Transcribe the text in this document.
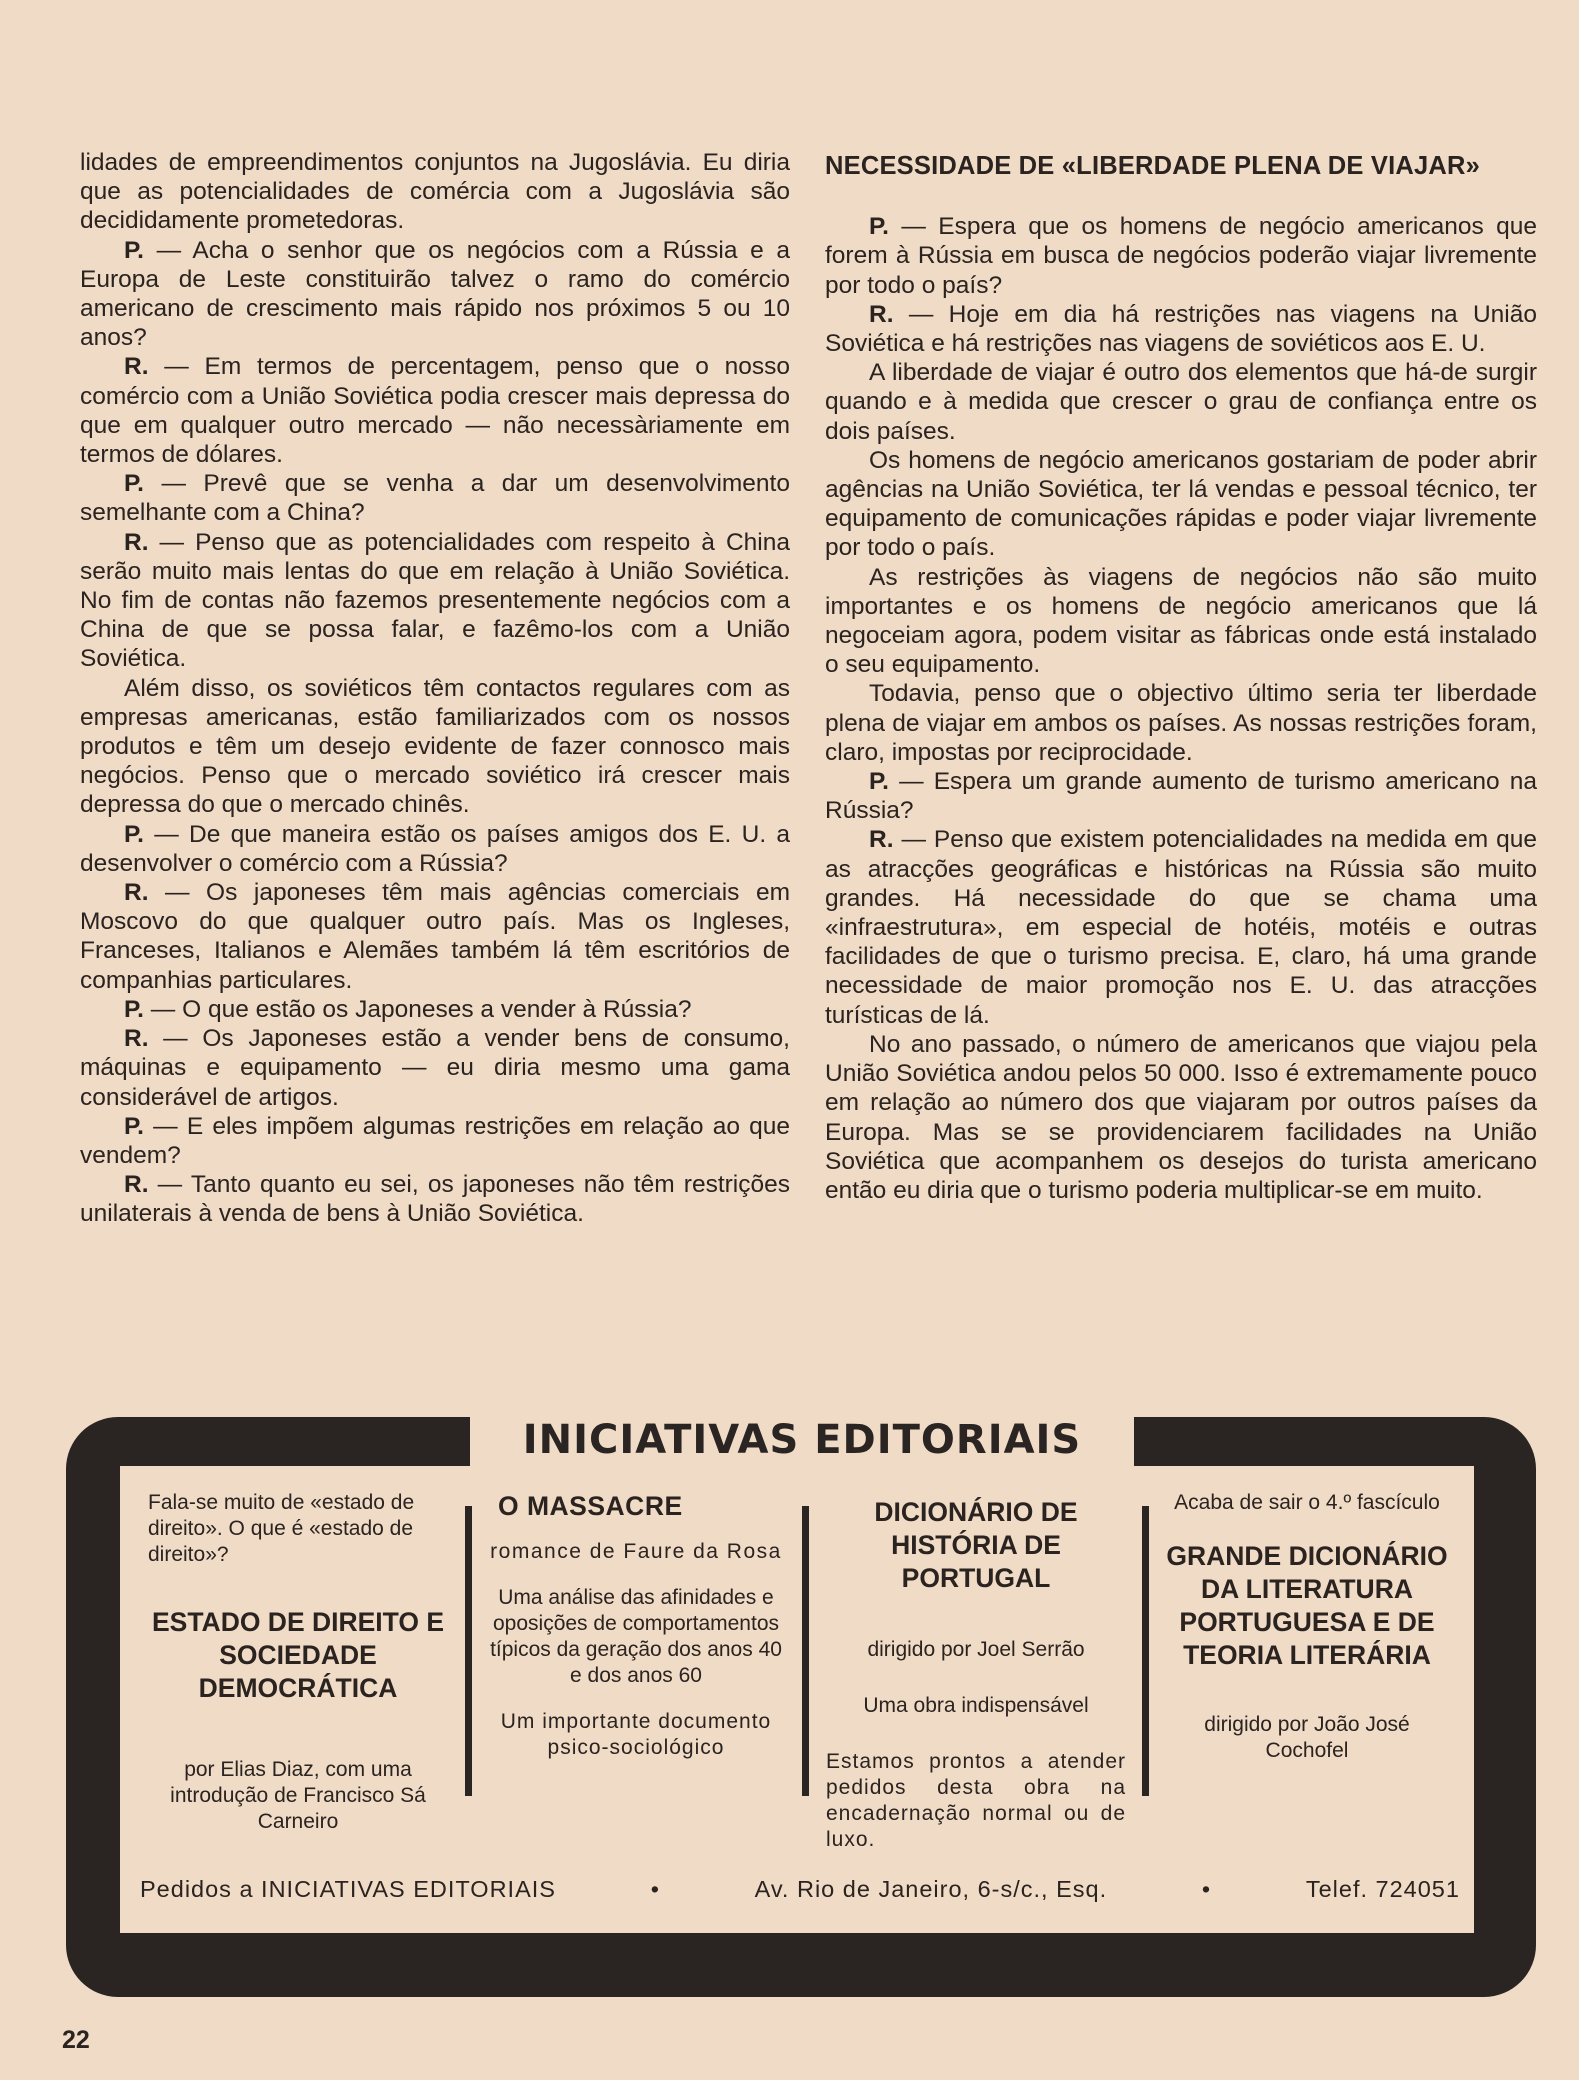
lidades de empreendimentos conjuntos na Jugoslávia. Eu diria que as potencialidades de comércia com a Jugoslávia são decididamente prometedoras.

P. — Acha o senhor que os negócios com a Rússia e a Europa de Leste constituirão talvez o ramo do comércio americano de crescimento mais rápido nos próximos 5 ou 10 anos?

R. — Em termos de percentagem, penso que o nosso comércio com a União Soviética podia crescer mais depressa do que em qualquer outro mercado — não necessàriamente em termos de dólares.

P. — Prevê que se venha a dar um desenvolvimento semelhante com a China?

R. — Penso que as potencialidades com respeito à China serão muito mais lentas do que em relação à União Soviética. No fim de contas não fazemos presentemente negócios com a China de que se possa falar, e fazêmo-los com a União Soviética.

Além disso, os soviéticos têm contactos regulares com as empresas americanas, estão familiarizados com os nossos produtos e têm um desejo evidente de fazer connosco mais negócios. Penso que o mercado soviético irá crescer mais depressa do que o mercado chinês.

P. — De que maneira estão os países amigos dos E. U. a desenvolver o comércio com a Rússia?

R. — Os japoneses têm mais agências comerciais em Moscovo do que qualquer outro país. Mas os Ingleses, Franceses, Italianos e Alemães também lá têm escritórios de companhias particulares.

P. — O que estão os Japoneses a vender à Rússia?

R. — Os Japoneses estão a vender bens de consumo, máquinas e equipamento — eu diria mesmo uma gama considerável de artigos.

P. — E eles impõem algumas restrições em relação ao que vendem?

R. — Tanto quanto eu sei, os japoneses não têm restrições unilaterais à venda de bens à União Soviética.

NECESSIDADE DE «LIBERDADE PLENA DE VIAJAR»

P. — Espera que os homens de negócio americanos que forem à Rússia em busca de negócios poderão viajar livremente por todo o país?

R. — Hoje em dia há restrições nas viagens na União Soviética e há restrições nas viagens de soviéticos aos E. U.

A liberdade de viajar é outro dos elementos que há-de surgir quando e à medida que crescer o grau de confiança entre os dois países.

Os homens de negócio americanos gostariam de poder abrir agências na União Soviética, ter lá vendas e pessoal técnico, ter equipamento de comunicações rápidas e poder viajar livremente por todo o país.

As restrições às viagens de negócios não são muito importantes e os homens de negócio americanos que lá negoceiam agora, podem visitar as fábricas onde está instalado o seu equipamento.

Todavia, penso que o objectivo último seria ter liberdade plena de viajar em ambos os países. As nossas restrições foram, claro, impostas por reciprocidade.

P. — Espera um grande aumento de turismo americano na Rússia?

R. — Penso que existem potencialidades na medida em que as atracções geográficas e históricas na Rússia são muito grandes. Há necessidade do que se chama uma «infraestrutura», em especial de hotéis, motéis e outras facilidades de que o turismo precisa. E, claro, há uma grande necessidade de maior promoção nos E. U. das atracções turísticas de lá.

No ano passado, o número de americanos que viajou pela União Soviética andou pelos 50 000. Isso é extremamente pouco em relação ao número dos que viajaram por outros países da Europa. Mas se se providenciarem facilidades na União Soviética que acompanhem os desejos do turista americano então eu diria que o turismo poderia multiplicar-se em muito.

INICIATIVAS EDITORIAIS

Fala-se muito de «estado de direito». O que é «estado de direito»?

ESTADO DE DIREITO E SOCIEDADE DEMOCRÁTICA

por Elias Diaz, com uma introdução de Francisco Sá Carneiro

O MASSACRE

romance de Faure da Rosa

Uma análise das afinidades e oposições de comportamentos típicos da geração dos anos 40 e dos anos 60

Um importante documento psico-sociológico

DICIONÁRIO DE HISTÓRIA DE PORTUGAL

dirigido por Joel Serrão

Uma obra indispensável

Estamos prontos a atender pedidos desta obra na encadernação normal ou de luxo.

Acaba de sair o 4.º fascículo

GRANDE DICIONÁRIO DA LITERATURA PORTUGUESA E DE TEORIA LITERÁRIA

dirigido por João José Cochofel

Pedidos a INICIATIVAS EDITORIAIS	•	Av. Rio de Janeiro, 6-s/c., Esq.	•	Telef. 724051
22
